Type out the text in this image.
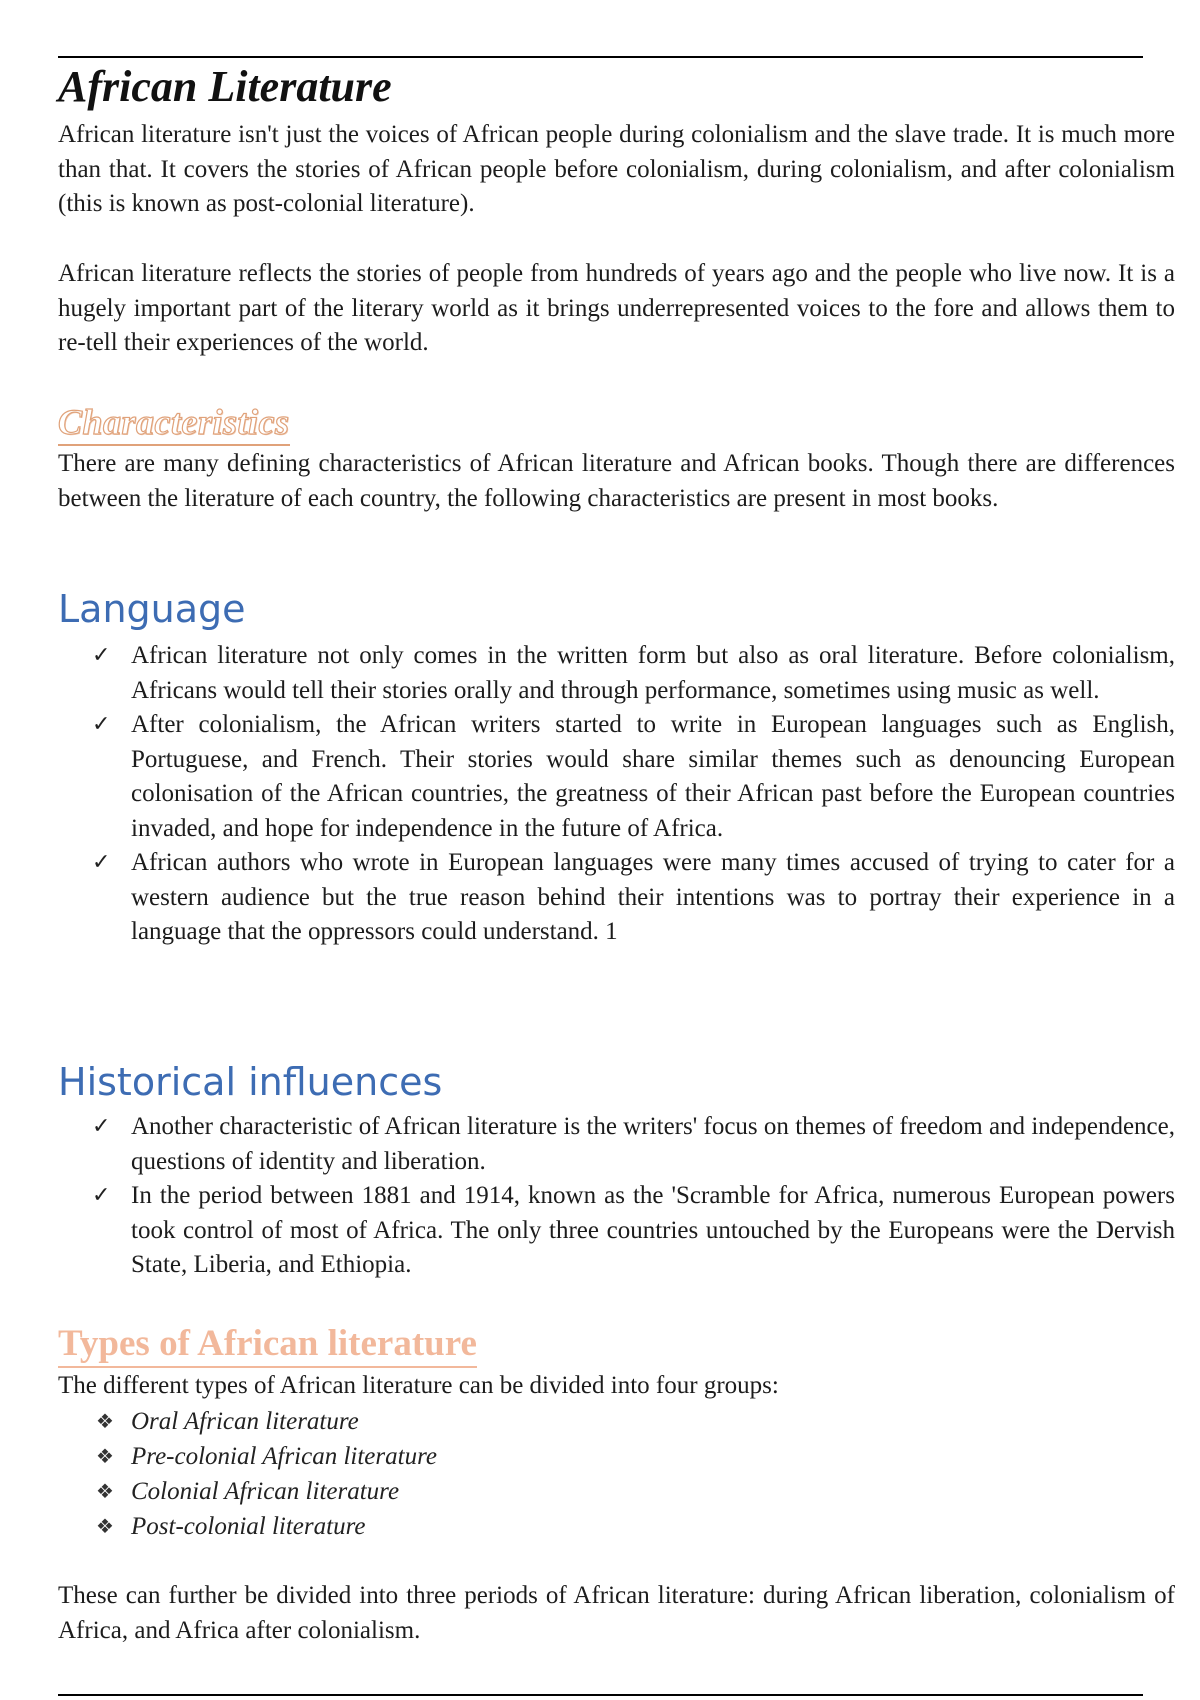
African Literature

African literature isn't just the voices of African people during colonialism and the slave trade. It is much more than that. It covers the stories of African people before colonialism, during colonialism, and after colonialism (this is known as post-colonial literature).

African literature reflects the stories of people from hundreds of years ago and the people who live now. It is a hugely important part of the literary world as it brings underrepresented voices to the fore and allows them to re-tell their experiences of the world.

Characteristics

There are many defining characteristics of African literature and African books. Though there are differences between the literature of each country, the following characteristics are present in most books.

Language
✓ African literature not only comes in the written form but also as oral literature. Before colonialism, Africans would tell their stories orally and through performance, sometimes using music as well.
✓ After colonialism, the African writers started to write in European languages such as English, Portuguese, and French. Their stories would share similar themes such as denouncing European colonisation of the African countries, the greatness of their African past before the European countries invaded, and hope for independence in the future of Africa.
✓ African authors who wrote in European languages were many times accused of trying to cater for a western audience but the true reason behind their intentions was to portray their experience in a language that the oppressors could understand. 1
Historical influences
✓ Another characteristic of African literature is the writers' focus on themes of freedom and independence, questions of identity and liberation.
✓ In the period between 1881 and 1914, known as the 'Scramble for Africa, numerous European powers took control of most of Africa. The only three countries untouched by the Europeans were the Dervish State, Liberia, and Ethiopia.
Types of African literature

The different types of African literature can be divided into four groups:

❖ Oral African literature
❖ Pre-colonial African literature
❖ Colonial African literature
❖ Post-colonial literature

These can further be divided into three periods of African literature: during African liberation, colonialism of Africa, and Africa after colonialism.
